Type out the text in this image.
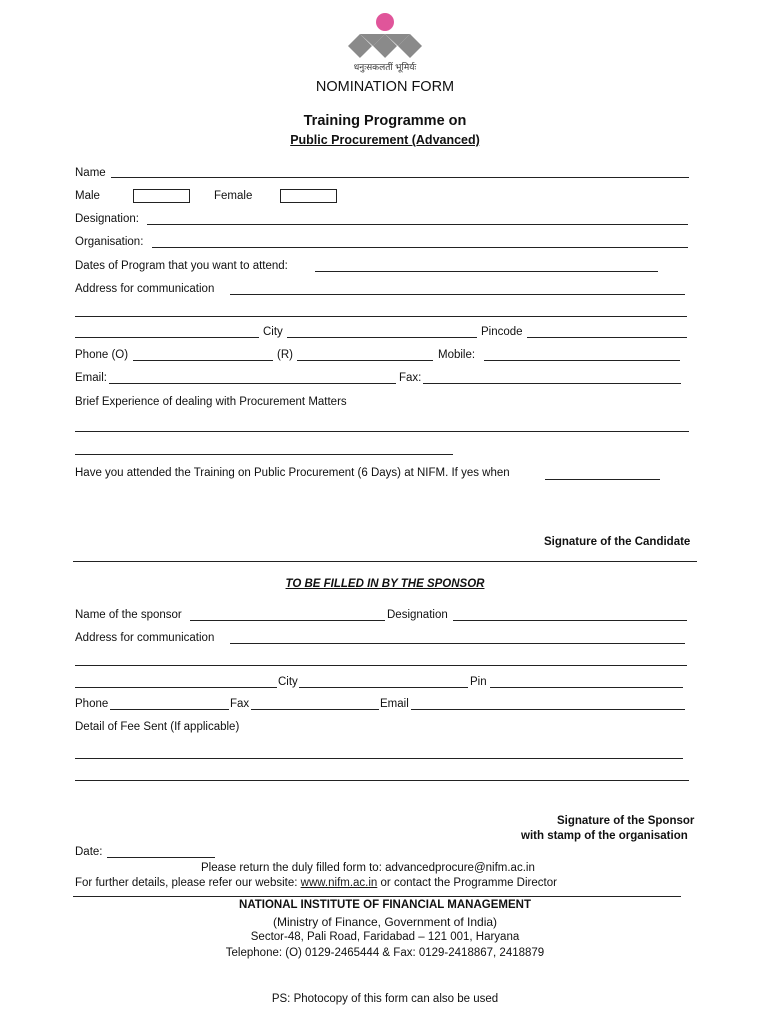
धनुःसकलतीं भूमिर्यः
NOMINATION FORM
Training Programme on
Public Procurement (Advanced)
Name
Male	Female
Designation:
Organisation:
Dates of Program that you want to attend:
Address for communication
City	Pincode
Phone (O)	(R)	Mobile:
Email:	Fax:
Brief Experience of dealing with Procurement Matters
Have you attended the Training on Public Procurement (6 Days) at NIFM. If yes when
Signature of the Candidate
TO BE FILLED IN BY THE SPONSOR
Name of the sponsor	Designation
Address for communication
City	Pin
Phone	Fax	Email
Detail of Fee Sent (If applicable)
Signature of the Sponsor
with stamp of the organisation
Date:
Please return the duly filled form to: advancedprocure@nifm.ac.in
For further details, please refer our website: www.nifm.ac.in or contact the Programme Director
NATIONAL INSTITUTE OF FINANCIAL MANAGEMENT
(Ministry of Finance, Government of India)
Sector-48, Pali Road, Faridabad – 121 001, Haryana
Telephone: (O) 0129-2465444 & Fax: 0129-2418867, 2418879
PS: Photocopy of this form can also be used
